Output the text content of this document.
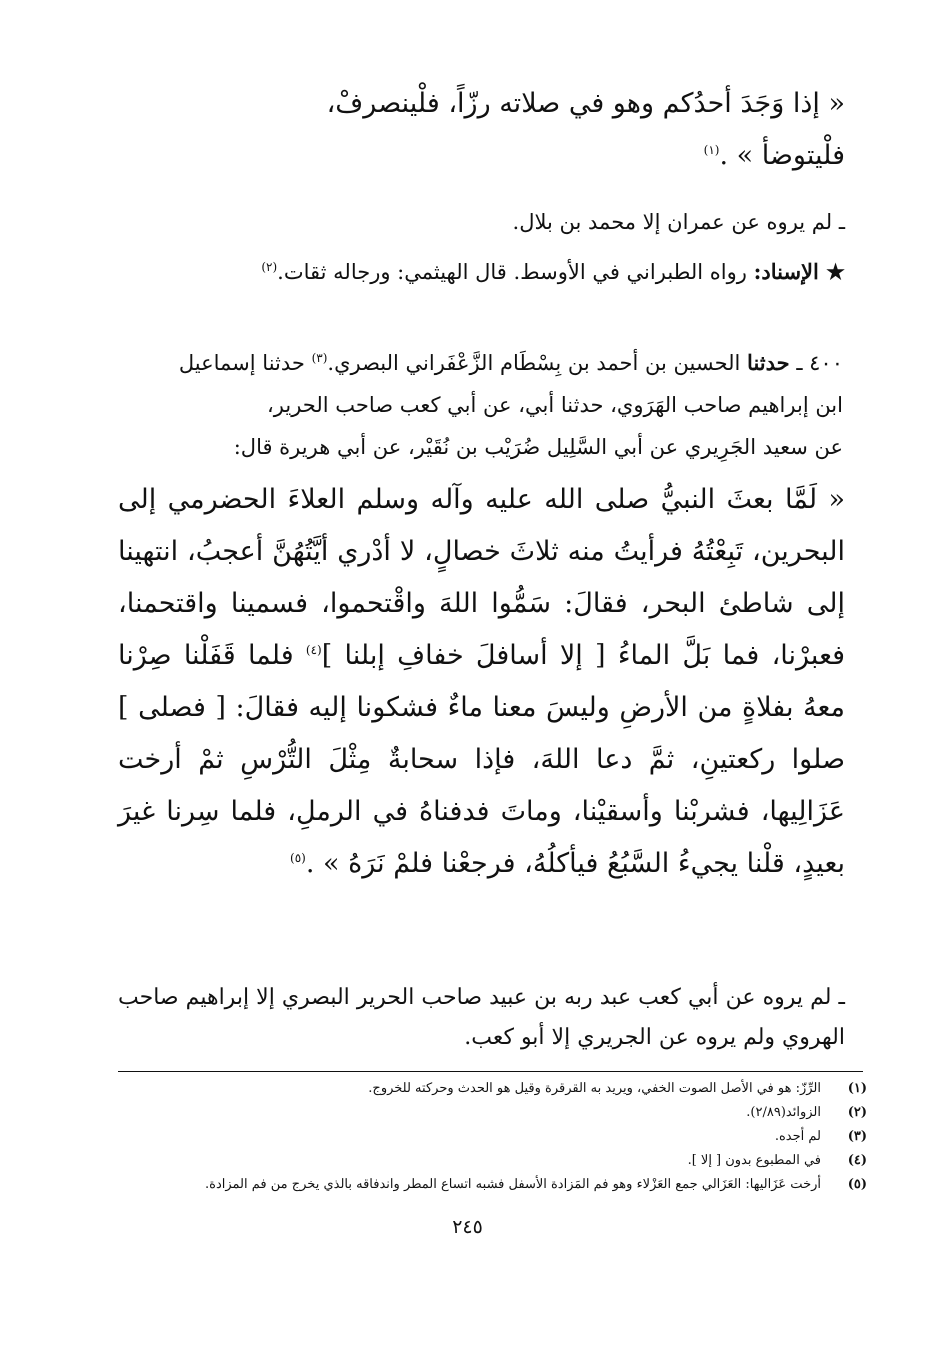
« إذا وَجَدَ أحدُكم وهو في صلاته رزّاً، فلْينصرفْ،
فلْيتوضأ » .$^{(١)}$
ـ لم يروه عن عمران إلا محمد بن بلال.
★ الإسناد: رواه الطبراني في الأوسط. قال الهيثمي: ورجاله ثقات.$^{(٢)}$
٤٠٠ ـ حدثنا الحسين بن أحمد بن بِسْطَام الزَّعْفَراني البصري.$^{(٣)}$ حدثنا إسماعيل
ابن إبراهيم صاحب الهَرَوي، حدثنا أبي، عن أبي كعب صاحب الحرير،
عن سعيد الجَرِيري عن أبي السَّلِيل ضُرَيْب بن نُقَيْر، عن أبي هريرة قال:
« لَمَّا بعثَ النبيُّ صلى الله عليه وآله وسلم العلاءَ الحضرمي إلى البحرين، تَبِعْتُهُ فرأيتُ منه ثلاثَ خصالٍ، لا أدْري أيَّتُهُنَّ أعجبُ، انتهينا إلى شاطئ البحر، فقالَ: سَمُّوا اللهَ واقْتحموا، فسمينا واقتحمنا، فعبرْنا، فما بَلَّ الماءُ [ إلا أسافلَ خفافِ إبلنا ]$^{(٤)}$ فلما قَفَلْنا صِرْنا معهُ بفلاةٍ من الأرضِ وليسَ معنا ماءٌ فشكونا إليه فقالَ: [ فصلى ] صلوا ركعتينِ، ثمَّ دعا اللهَ، فإذا سحابةٌ مِثْلَ التُّرْسِ ثمْ أرخت عَزَالِيها، فشربْنا وأسقيْنا، وماتَ فدفناهُ في الرملِ، فلما سِرنا غيرَ بعيدٍ، قلْنا يجيءُ السَّبُعُ فيأكلُهُ، فرجعْنا فلمْ نَرَهُ » .$^{(٥)}$
ـ لم يروه عن أبي كعب عبد ربه بن عبيد صاحب الحرير البصري إلا إبراهيم صاحب الهروي ولم يروه عن الجريري إلا أبو كعب.
(١)
الرِّزّ: هو في الأصل الصوت الخفي، ويريد به القرقرة وقيل هو الحدث وحركته للخروج.
(٢)
الزوائد(٢/٨٩).
(٣)
لم أجده.
(٤)
في المطبوع بدون [ إلا ].
(٥)
أرخت عَزَاليها: العَزَالي جمع العَزْلاء وهو فم المَزادة الأسفل فشبه اتساع المطر واندفاقه بالذي يخرج من فم المزادة.
٢٤٥
